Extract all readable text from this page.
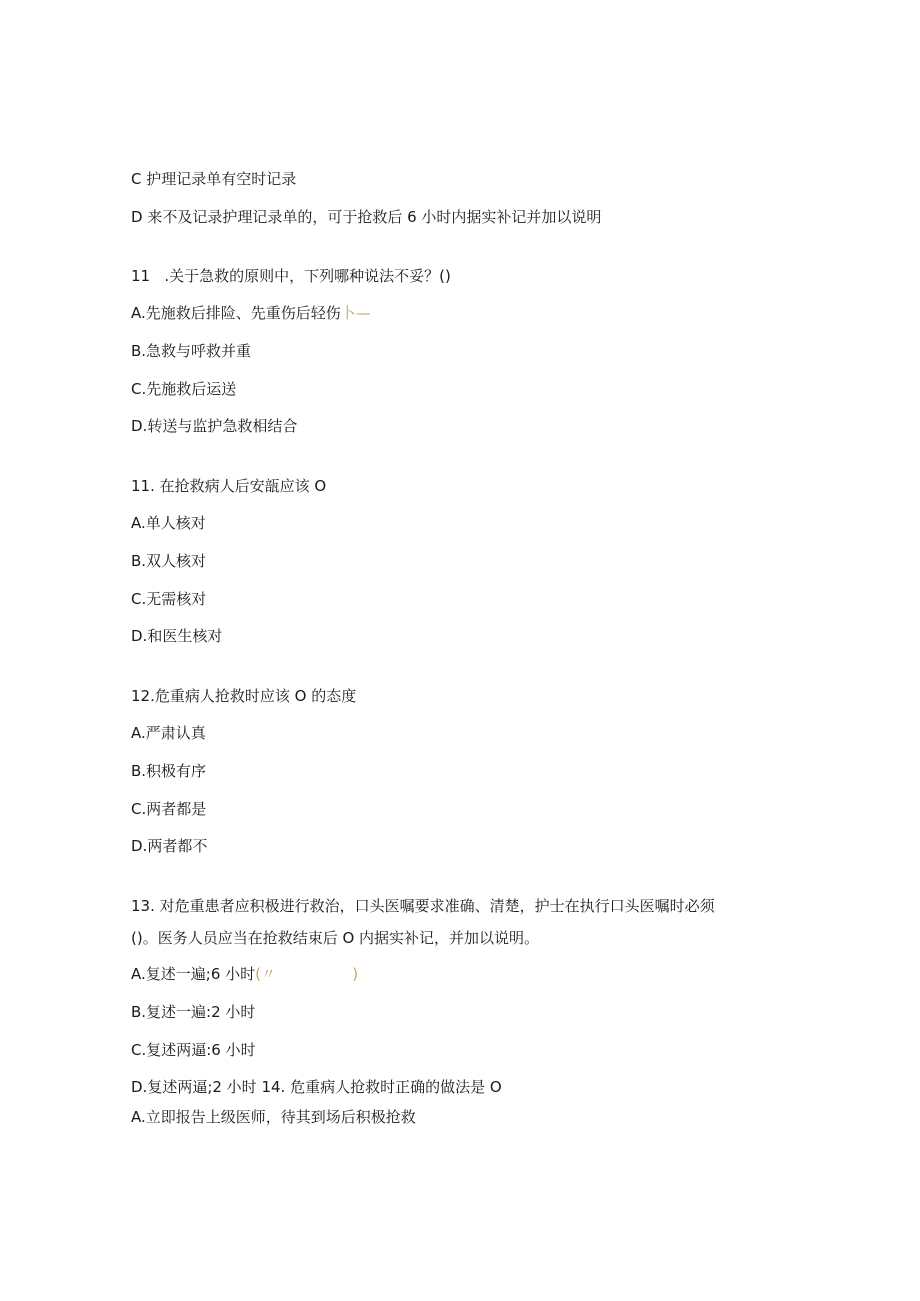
C 护理记录单有空时记录
D 来不及记录护理记录单的，可于抢救后 6 小时内据实补记并加以说明
11   .关于急救的原则中，下列哪种说法不妥？()
A.先施救后排险、先重伤后轻伤卜—
B.急救与呼救并重
C.先施救后运送
D.转送与监护急救相结合
11. 在抢救病人后安瓿应该 O
A.单人核对
B.双人核对
C.无需核对
D.和医生核对
12.危重病人抢救时应该 O 的态度
A.严肃认真
B.积极有序
C.两者都是
D.两者都不
13. 对危重患者应积极进行救治，口头医嘱要求准确、清楚，护士在执行口头医嘱时必须
()。医务人员应当在抢救结束后 O 内据实补记，并加以说明。
A.复述一遍;6 小时(〃                )
B.复述一遍:2 小时
C.复述两逼:6 小时
D.复述两逼;2 小时 14. 危重病人抢救时正确的做法是 O
A.立即报告上级医师，待其到场后积极抢救
